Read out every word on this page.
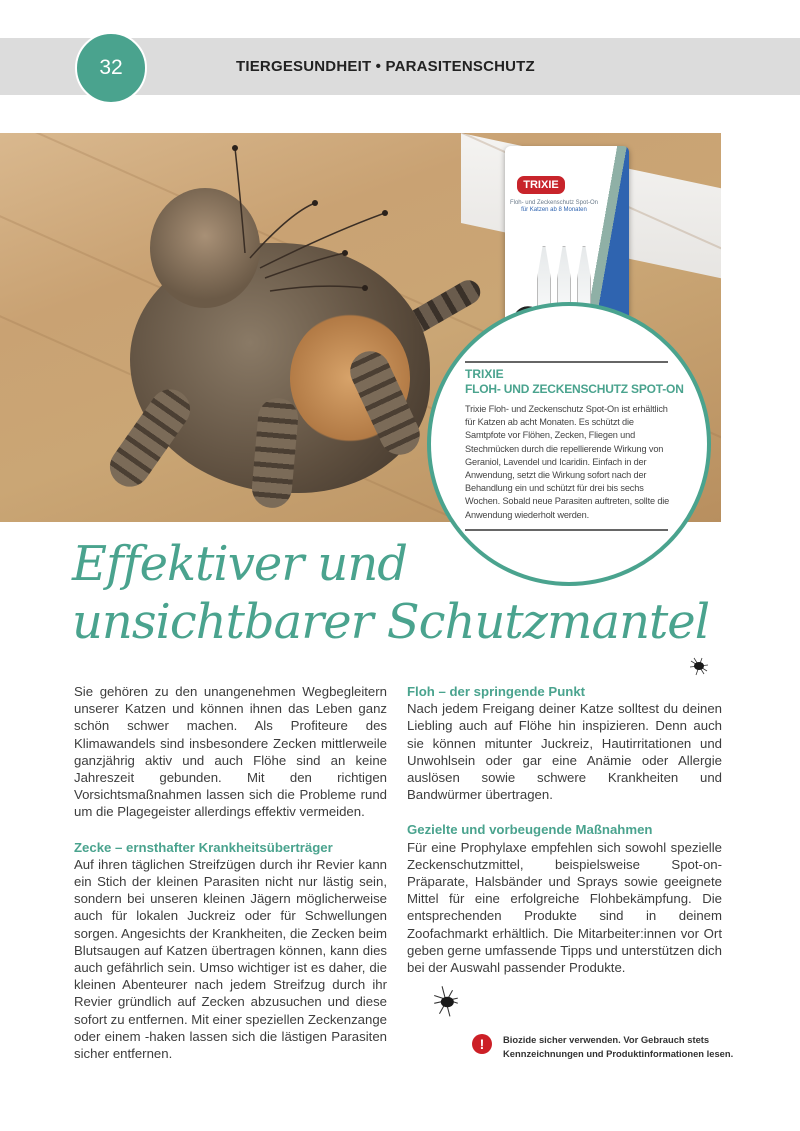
32	TIERGESUNDHEIT • PARASITENSCHUTZ
TRIXIE
Floh- und Zeckenschutz Spot-On
für Katzen ab 8 Monaten
TRIXIE
FLOH- UND ZECKENSCHUTZ SPOT-ON
Trixie Floh- und Zeckenschutz Spot-On ist erhältlich für Katzen ab acht Monaten. Es schützt die Samtpfote vor Flöhen, Zecken, Fliegen und Stechmücken durch die repellierende Wirkung von Geraniol, Lavendel und Icaridin. Einfach in der Anwendung, setzt die Wirkung sofort nach der Behandlung ein und schützt für drei bis sechs Wochen. Sobald neue Parasiten auftreten, sollte die Anwendung wiederholt werden.
Effektiver und
unsichtbarer Schutzmantel

Sie gehören zu den unangenehmen Wegbegleitern unserer Katzen und können ihnen das Leben ganz schön schwer machen. Als Profiteure des Klimawandels sind insbesondere Zecken mittlerweile ganzjährig aktiv und auch Flöhe sind an keine Jahreszeit gebunden. Mit den richtigen Vorsichtsmaßnahmen lassen sich die Probleme rund um die Plagegeister allerdings effektiv vermeiden.

Zecke – ernsthafter Krankheitsüberträger

Auf ihren täglichen Streifzügen durch ihr Revier kann ein Stich der kleinen Parasiten nicht nur lästig sein, sondern bei unseren kleinen Jägern möglicherweise auch für lokalen Juckreiz oder für Schwellungen sorgen. Angesichts der Krankheiten, die Zecken beim Blutsaugen auf Katzen übertragen können, kann dies auch gefährlich sein. Umso wichtiger ist es daher, die kleinen Abenteurer nach jedem Streifzug durch ihr Revier gründlich auf Zecken abzusuchen und diese sofort zu entfernen. Mit einer speziellen Zeckenzange oder einem -haken lassen sich die lästigen Parasiten sicher entfernen.

Floh – der springende Punkt

Nach jedem Freigang deiner Katze solltest du deinen Liebling auch auf Flöhe hin inspizieren. Denn auch sie können mitunter Juckreiz, Hautirritationen und Unwohlsein oder gar eine Anämie oder Allergie auslösen sowie schwere Krankheiten und Bandwürmer übertragen.

Gezielte und vorbeugende Maßnahmen

Für eine Prophylaxe empfehlen sich sowohl spezielle Zeckenschutzmittel, beispielsweise Spot-on-Präparate, Halsbänder und Sprays sowie geeignete Mittel für eine erfolgreiche Flohbekämpfung. Die entsprechenden Produkte sind in deinem Zoofachmarkt erhältlich. Die Mitarbeiter:innen vor Ort geben gerne umfassende Tipps und unterstützen dich bei der Auswahl passender Produkte.

!	Biozide sicher verwenden. Vor Gebrauch stets
Kennzeichnungen und Produktinformationen lesen.
